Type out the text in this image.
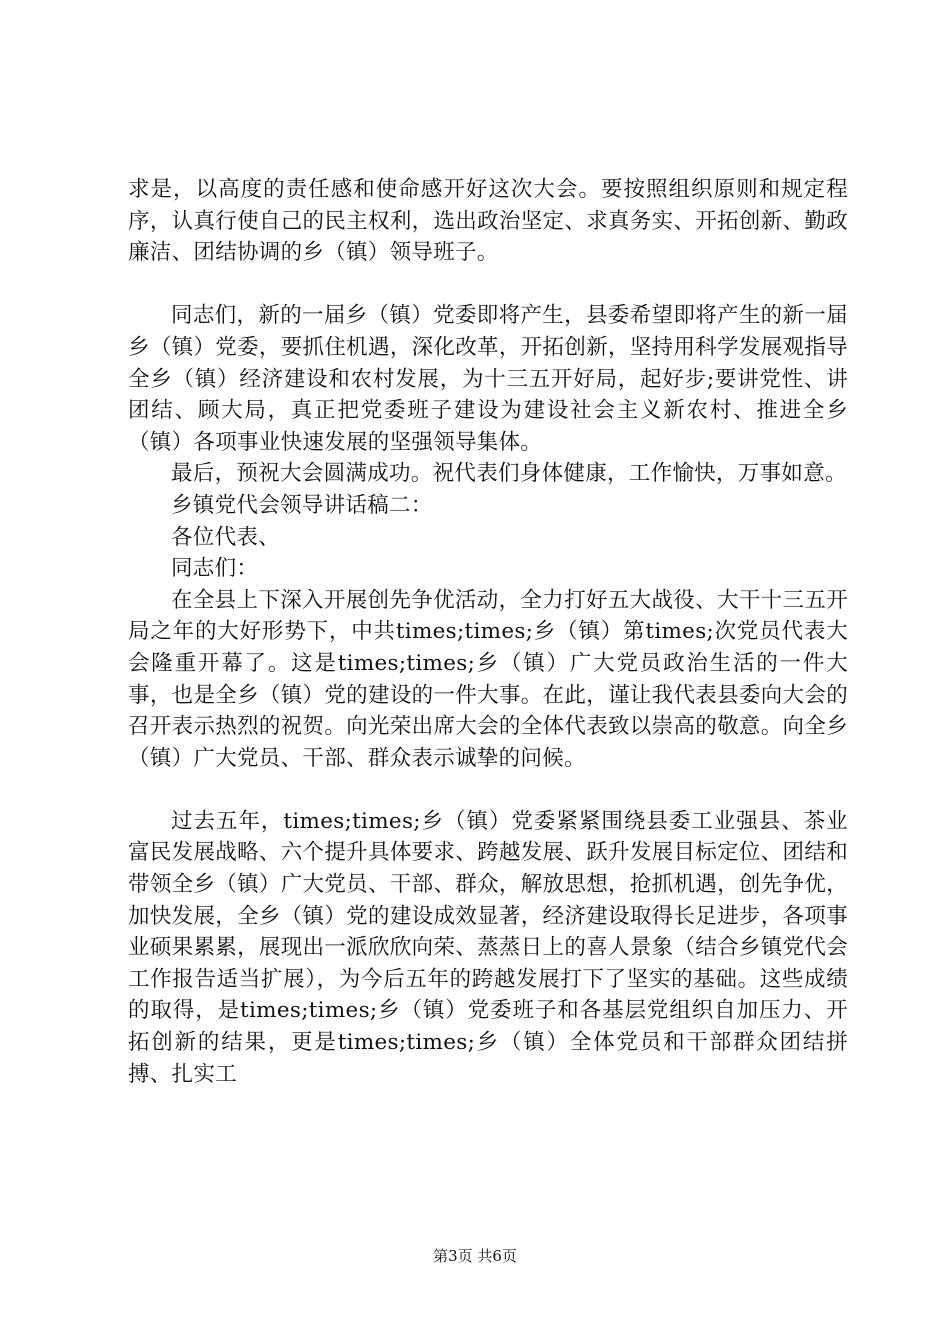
求是，以高度的责任感和使命感开好这次大会。要按照组织原则和规定程序，认真行使自己的民主权利，选出政治坚定、求真务实、开拓创新、勤政廉洁、团结协调的乡（镇）领导班子。

同志们，新的一届乡（镇）党委即将产生，县委希望即将产生的新一届乡（镇）党委，要抓住机遇，深化改革，开拓创新，坚持用科学发展观指导全乡（镇）经济建设和农村发展，为十三五开好局，起好步;要讲党性、讲团结、顾大局，真正把党委班子建设为建设社会主义新农村、推进全乡（镇）各项事业快速发展的坚强领导集体。

最后，预祝大会圆满成功。祝代表们身体健康，工作愉快，万事如意。

乡镇党代会领导讲话稿二：

各位代表、

同志们：

在全县上下深入开展创先争优活动，全力打好五大战役、大干十三五开局之年的大好形势下，中共times;times;乡（镇）第times;次党员代表大会隆重开幕了。这是times;times;乡（镇）广大党员政治生活的一件大事，也是全乡（镇）党的建设的一件大事。在此，谨让我代表县委向大会的召开表示热烈的祝贺。向光荣出席大会的全体代表致以崇高的敬意。向全乡（镇）广大党员、干部、群众表示诚挚的问候。

过去五年，times;times;乡（镇）党委紧紧围绕县委工业强县、茶业富民发展战略、六个提升具体要求、跨越发展、跃升发展目标定位、团结和带领全乡（镇）广大党员、干部、群众，解放思想，抢抓机遇，创先争优，加快发展，全乡（镇）党的建设成效显著，经济建设取得长足进步，各项事业硕果累累，展现出一派欣欣向荣、蒸蒸日上的喜人景象（结合乡镇党代会工作报告适当扩展），为今后五年的跨越发展打下了坚实的基础。这些成绩的取得，是times;times;乡（镇）党委班子和各基层党组织自加压力、开拓创新的结果，更是times;times;乡（镇）全体党员和干部群众团结拼搏、扎实工

第3页 共6页
